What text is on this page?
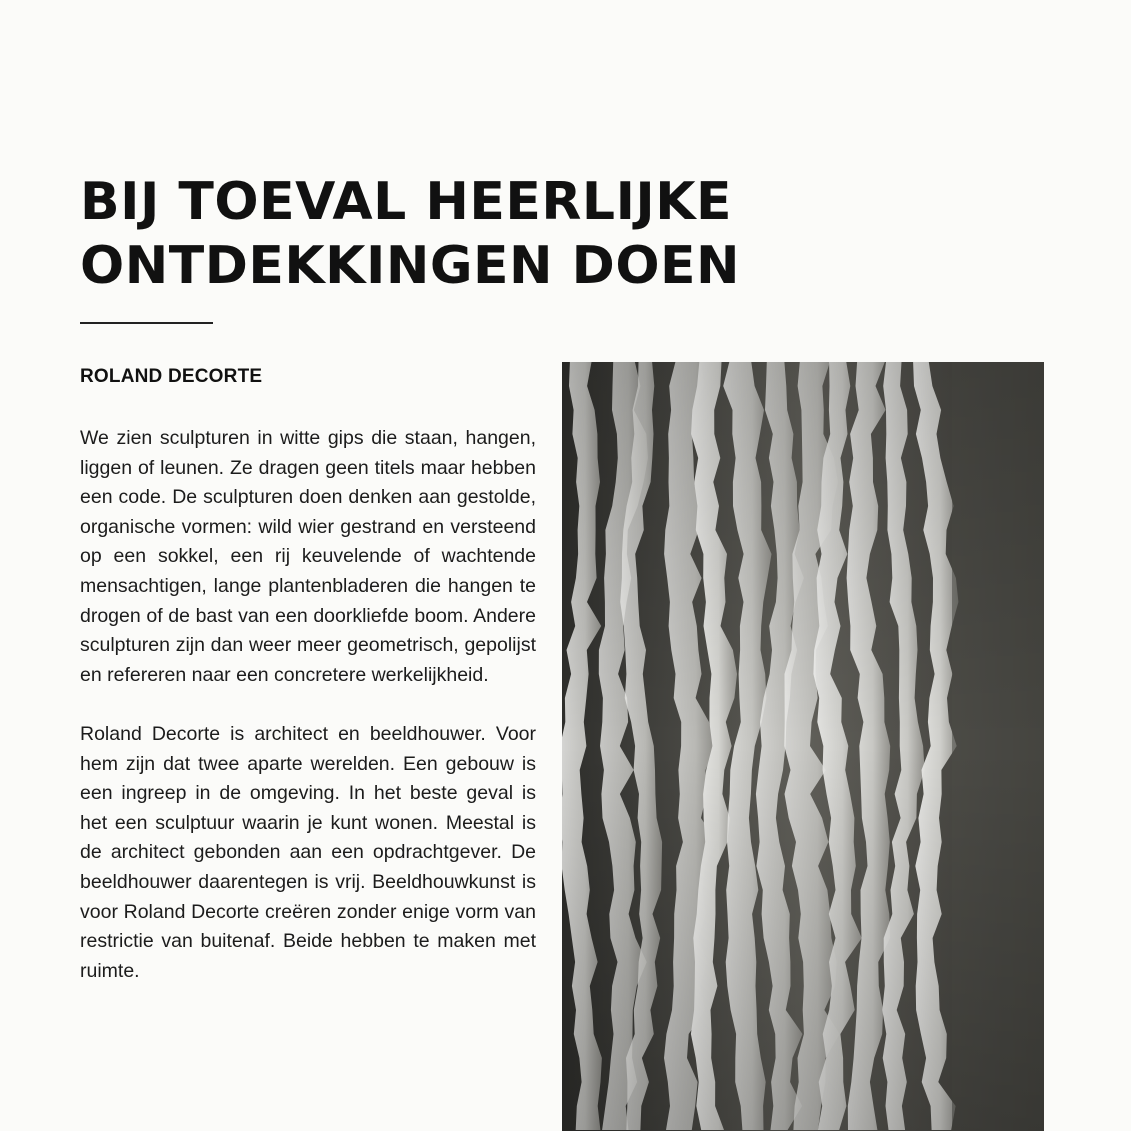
BIJ TOEVAL HEERLIJKE
ONTDEKKINGEN DOEN
ROLAND DECORTE

We zien sculpturen in witte gips die staan, hangen, liggen of leunen. Ze dragen geen titels maar hebben een code. De sculpturen doen denken aan gestolde, organische vormen: wild wier gestrand en versteend op een sokkel, een rij keuvelende of wachtende mensachtigen, lange plantenbladeren die hangen te drogen of de bast van een doorkliefde boom. Andere sculpturen zijn dan weer meer geometrisch, gepolijst en refereren naar een concretere werkelijkheid.

Roland Decorte is architect en beeldhouwer. Voor hem zijn dat twee aparte werelden. Een gebouw is een ingreep in de omgeving. In het beste geval is het een sculptuur waarin je kunt wonen. Meestal is de architect gebonden aan een opdrachtgever. De beeldhouwer daarentegen is vrij. Beeldhouwkunst is voor Roland Decorte creëren zonder enige vorm van restrictie van buitenaf. Beide hebben te maken met ruimte.
